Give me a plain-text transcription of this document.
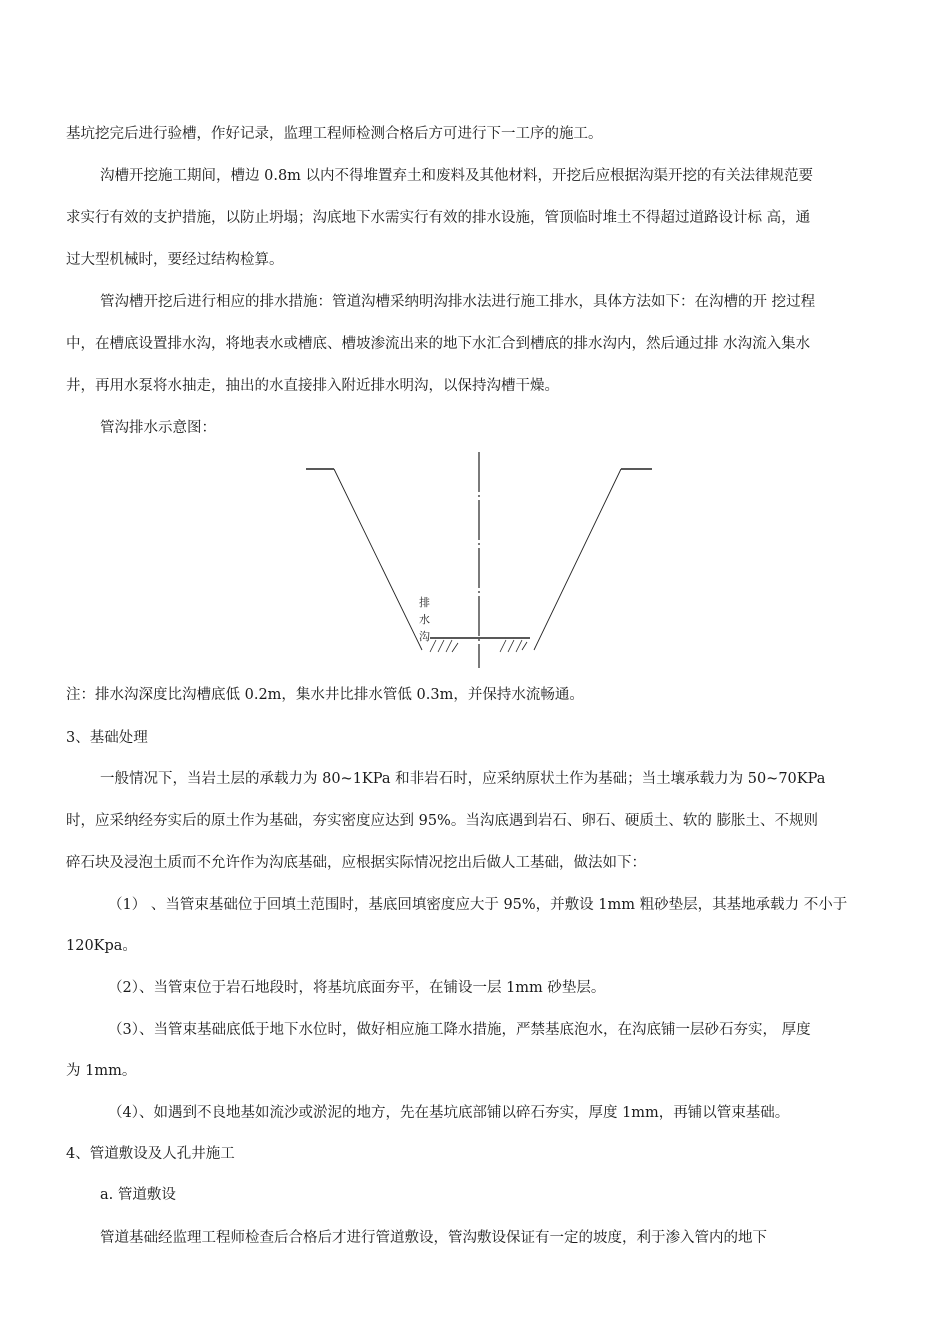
基坑挖完后进行验槽，作好记录，监理工程师检测合格后方可进行下一工序的施工。
沟槽开挖施工期间，槽边 0.8m 以内不得堆置弃土和废料及其他材料，开挖后应根据沟渠开挖的有关法律规范要
求实行有效的支护措施，以防止坍塌；沟底地下水需实行有效的排水设施，管顶临时堆土不得超过道路设计标 高，通
过大型机械时，要经过结构检算。
管沟槽开挖后进行相应的排水措施：管道沟槽采纳明沟排水法进行施工排水，具体方法如下：在沟槽的开 挖过程
中，在槽底设置排水沟，将地表水或槽底、槽坡渗流出来的地下水汇合到槽底的排水沟内，然后通过排 水沟流入集水
井，再用水泵将水抽走，抽出的水直接排入附近排水明沟，以保持沟槽干燥。
管沟排水示意图：
注：排水沟深度比沟槽底低 0.2m，集水井比排水管低 0.3m，并保持水流畅通。
3、基础处理
一般情况下，当岩土层的承载力为 80~1KPa 和非岩石时，应采纳原状土作为基础；当土壤承载力为 50~70KPa
时，应采纳经夯实后的原土作为基础，夯实密度应达到 95%。当沟底遇到岩石、卵石、硬质土、软的 膨胀土、不规则
碎石块及浸泡土质而不允许作为沟底基础，应根据实际情况挖出后做人工基础，做法如下：
（1） 、当管束基础位于回填土范围时，基底回填密度应大于 95%，并敷设 1mm 粗砂垫层，其基地承载力 不小于
120Kpa。
（2）、当管束位于岩石地段时，将基坑底面夯平，在铺设一层 1mm 砂垫层。
（3）、当管束基础底低于地下水位时，做好相应施工降水措施，严禁基底泡水，在沟底铺一层砂石夯实， 厚度
为 1mm。
（4）、如遇到不良地基如流沙或淤泥的地方，先在基坑底部铺以碎石夯实，厚度 1mm，再铺以管束基础。
4、管道敷设及人孔井施工
a. 管道敷设
管道基础经监理工程师检查后合格后才进行管道敷设，管沟敷设保证有一定的坡度，利于渗入管内的地下
排
水
沟
